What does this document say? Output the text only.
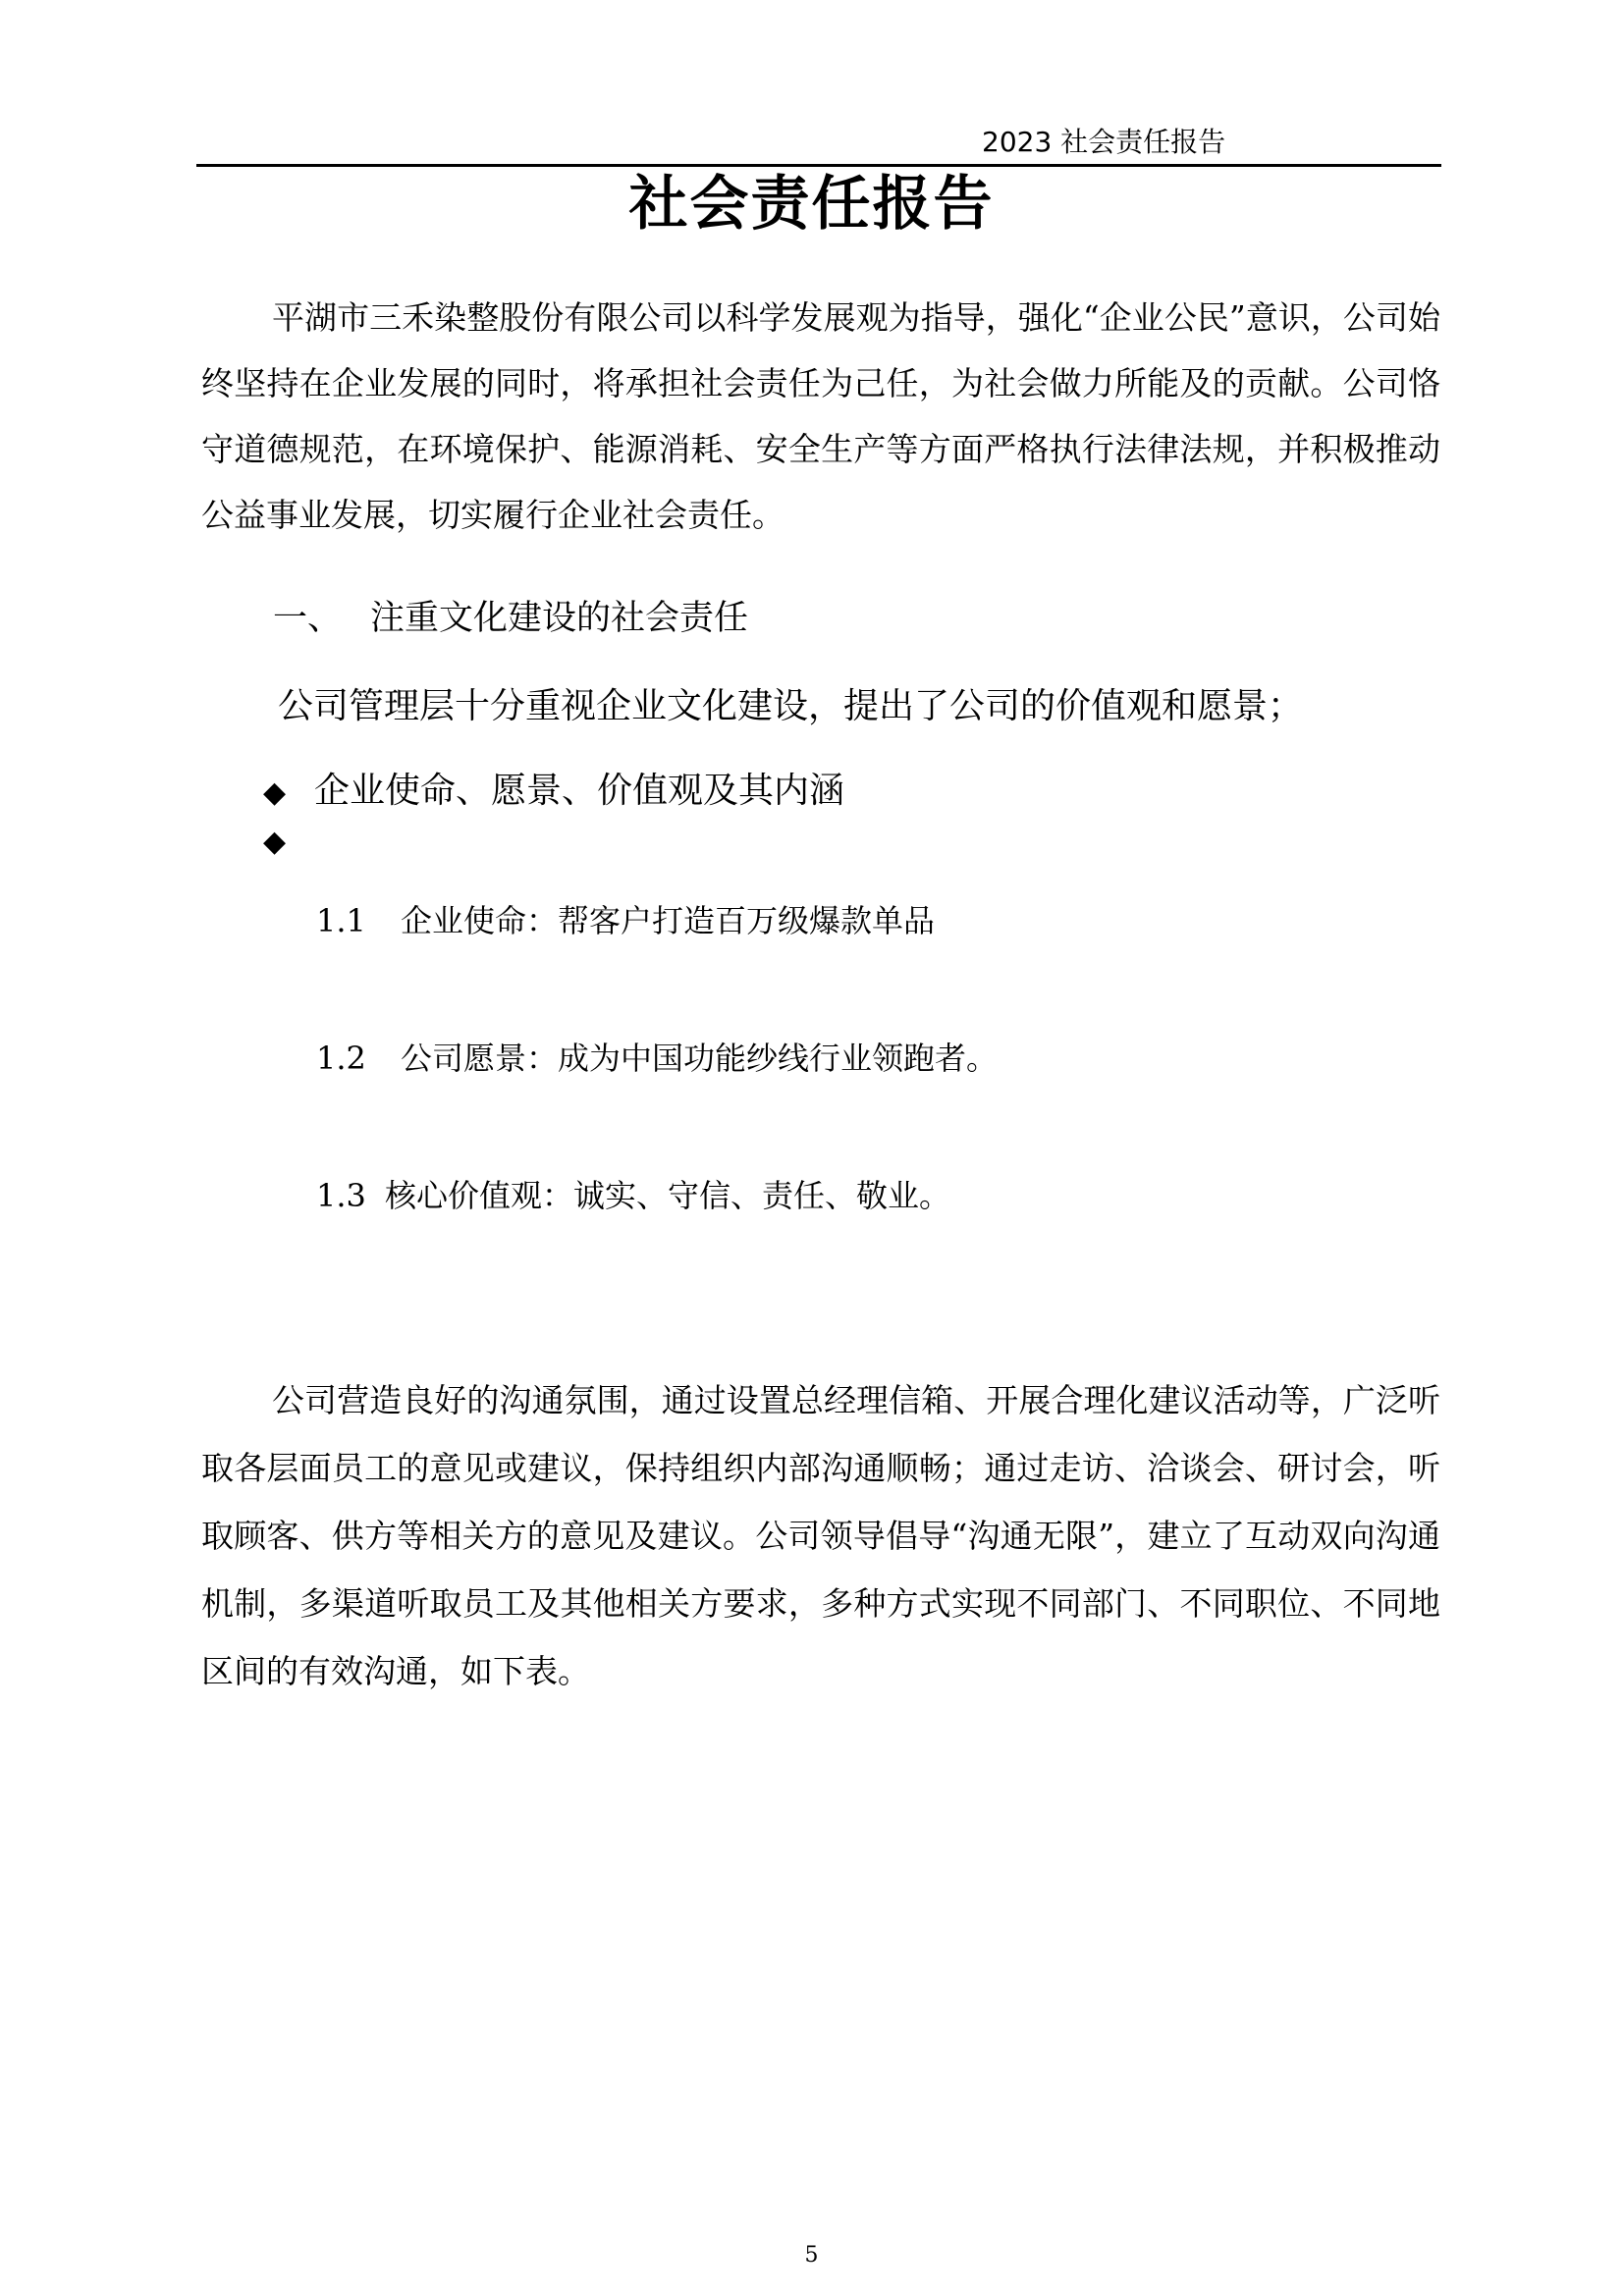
2023 社会责任报告
社会责任报告

平湖市三禾染整股份有限公司以科学发展观为指导，强化“企业公民”意识，公司始终坚持在企业发展的同时，将承担社会责任为己任，为社会做力所能及的贡献。公司恪守道德规范，在环境保护、能源消耗、安全生产等方面严格执行法律法规，并积极推动公益事业发展，切实履行企业社会责任。

一、 注重文化建设的社会责任
公司管理层十分重视企业文化建设，提出了公司的价值观和愿景；
◆ 企业使命、愿景、价值观及其内涵
◆
1.1 企业使命：帮客户打造百万级爆款单品
1.2 公司愿景：成为中国功能纱线行业领跑者。
1.3 核心价值观：诚实、守信、责任、敬业。

公司营造良好的沟通氛围，通过设置总经理信箱、开展合理化建议活动等，广泛听取各层面员工的意见或建议，保持组织内部沟通顺畅；通过走访、洽谈会、研讨会，听取顾客、供方等相关方的意见及建议。公司领导倡导“沟通无限”，建立了互动双向沟通机制，多渠道听取员工及其他相关方要求，多种方式实现不同部门、不同职位、不同地区间的有效沟通，如下表。

5
